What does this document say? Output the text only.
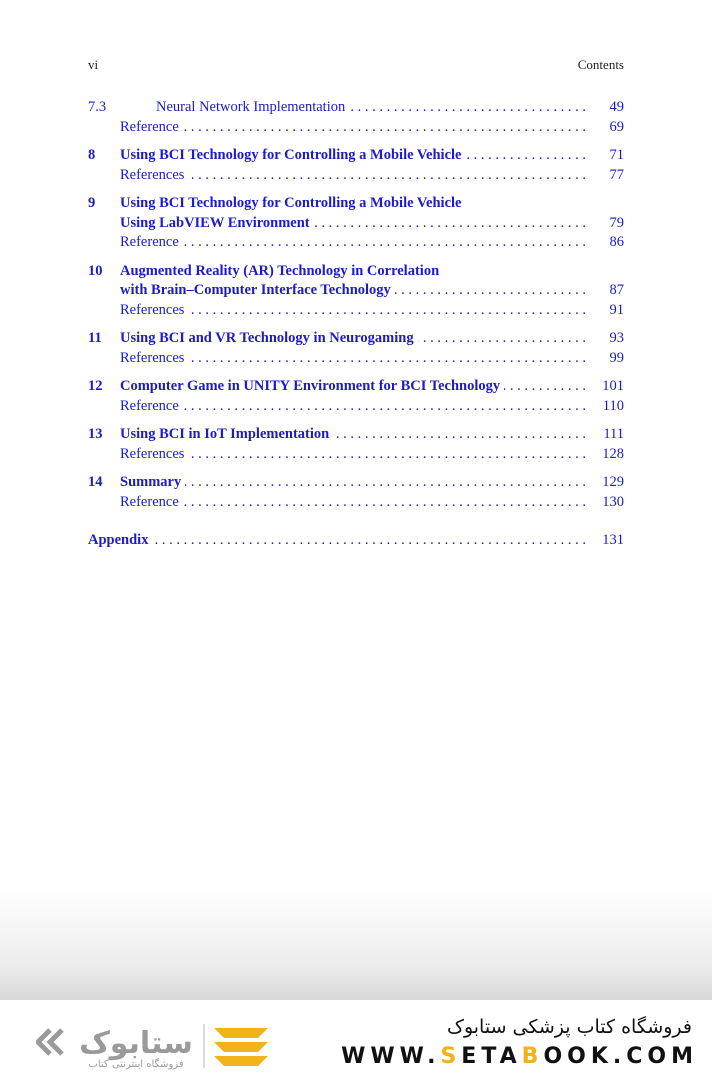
vi	Contents
7.3	Neural Network Implementation . . .	49
Reference . . .	69
8 Using BCI Technology for Controlling a Mobile Vehicle . . .	71
References . . .	77
9 Using BCI Technology for Controlling a Mobile Vehicle
Using LabVIEW Environment . . .	79
Reference . . .	86
10 Augmented Reality (AR) Technology in Correlation
with Brain–Computer Interface Technology . . .	87
References . . .	91
11 Using BCI and VR Technology in Neurogaming . . .	93
References . . .	99
12 Computer Game in UNITY Environment for BCI Technology . . .	101
Reference . . .	110
13 Using BCI in IoT Implementation . . .	111
References . . .	128
14 Summary . . .	129
Reference . . .	130
Appendix . . .	131
ستابوک
فروشگاه اینترنتی کتاب
فروشگاه کتاب پزشکی ستابوک
WWW.SETABOOK.COM
